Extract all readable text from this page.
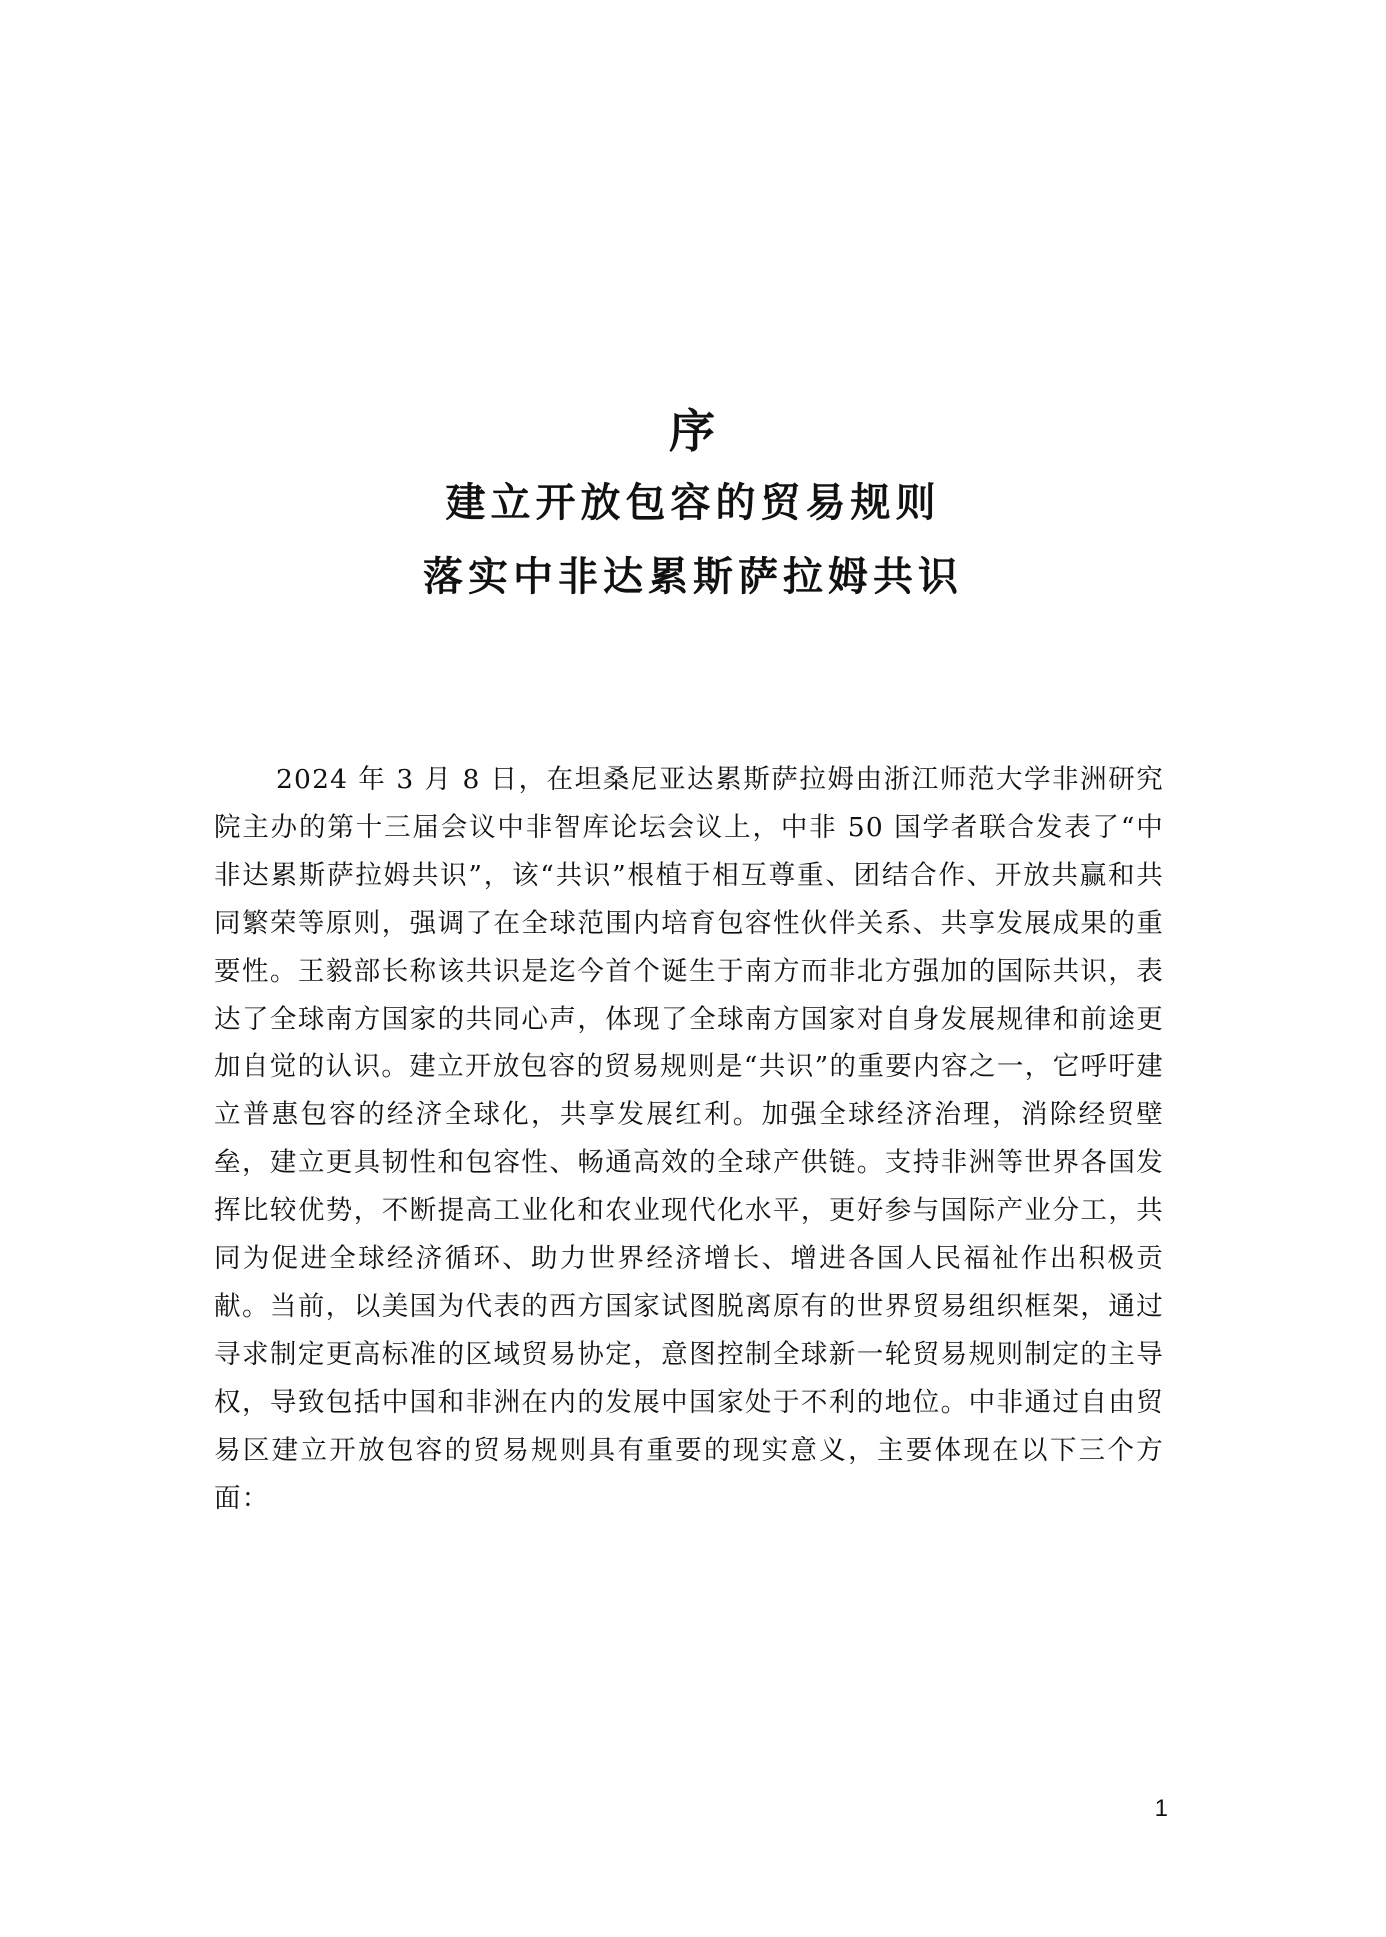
序
建立开放包容的贸易规则
落实中非达累斯萨拉姆共识

2024 年 3 月 8 日，在坦桑尼亚达累斯萨拉姆由浙江师范大学非洲研究院主办的第十三届会议中非智库论坛会议上，中非 50 国学者联合发表了“中非达累斯萨拉姆共识”，该“共识”根植于相互尊重、团结合作、开放共赢和共同繁荣等原则，强调了在全球范围内培育包容性伙伴关系、共享发展成果的重要性。王毅部长称该共识是迄今首个诞生于南方而非北方强加的国际共识，表达了全球南方国家的共同心声，体现了全球南方国家对自身发展规律和前途更加自觉的认识。建立开放包容的贸易规则是“共识”的重要内容之一，它呼吁建立普惠包容的经济全球化，共享发展红利。加强全球经济治理，消除经贸壁垒，建立更具韧性和包容性、畅通高效的全球产供链。支持非洲等世界各国发挥比较优势，不断提高工业化和农业现代化水平，更好参与国际产业分工，共同为促进全球经济循环、助力世界经济增长、增进各国人民福祉作出积极贡献。当前，以美国为代表的西方国家试图脱离原有的世界贸易组织框架，通过寻求制定更高标准的区域贸易协定，意图控制全球新一轮贸易规则制定的主导权，导致包括中国和非洲在内的发展中国家处于不利的地位。中非通过自由贸易区建立开放包容的贸易规则具有重要的现实意义，主要体现在以下三个方面：

1
